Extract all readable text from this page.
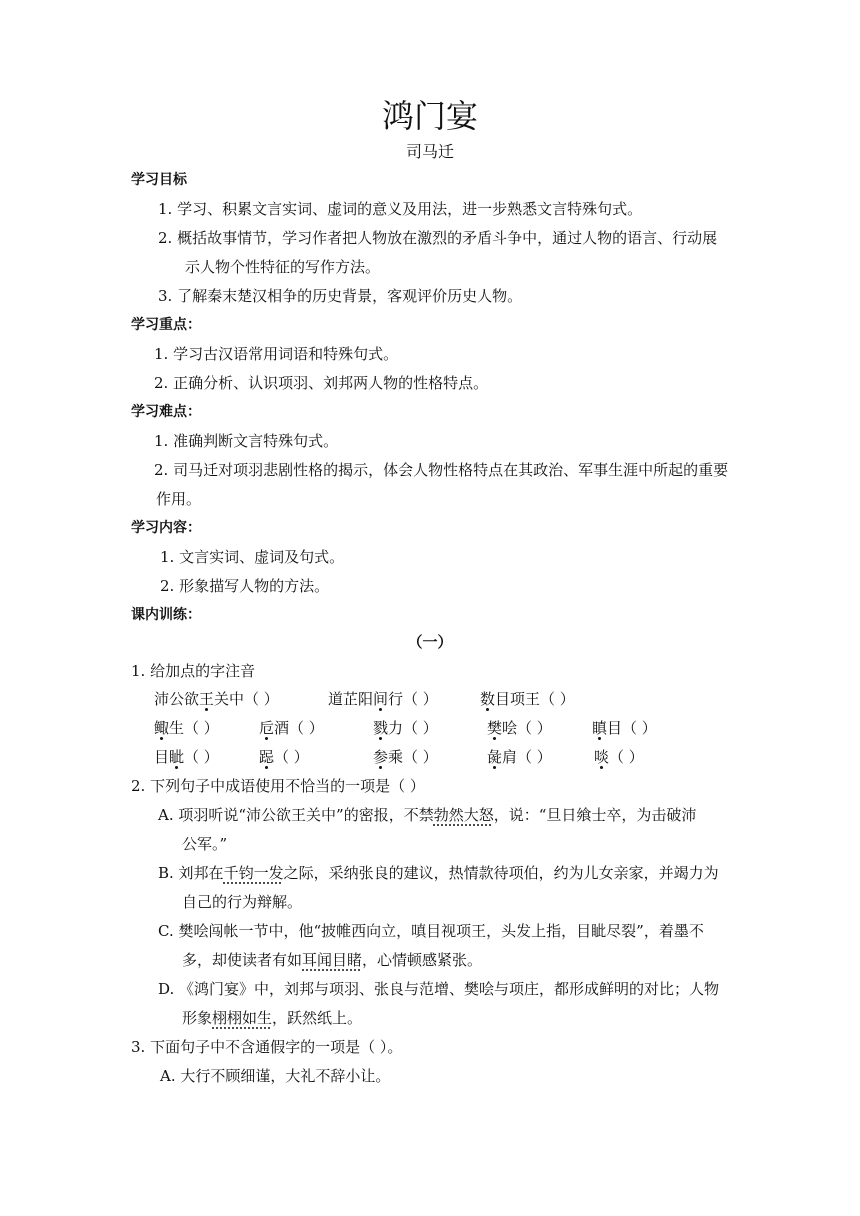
鸿门宴
司马迁
学习目标
1. 学习、积累文言实词、虚词的意义及用法，进一步熟悉文言特殊句式。
2. 概括故事情节，学习作者把人物放在激烈的矛盾斗争中，通过人物的语言、行动展
示人物个性特征的写作方法。
3. 了解秦末楚汉相争的历史背景，客观评价历史人物。
学习重点：
1. 学习古汉语常用词语和特殊句式。
2. 正确分析、认识项羽、刘邦两人物的性格特点。
学习难点：
1. 准确判断文言特殊句式。
2. 司马迁对项羽悲剧性格的揭示，体会人物性格特点在其政治、军事生涯中所起的重要
作用。
学习内容：
1. 文言实词、虚词及句式。
2. 形象描写人物的方法。
课内训练：
（一）
1. 给加点的字注音
沛公欲王关中（ ）	道芷阳间行（ ）	数目项王（ ）
鲰生（ ）	卮酒（ ）	戮力（ ）	樊哙（ ）	瞋目（ ）
目眦（ ）	跽（ ）	参乘（ ）	彘肩（ ）	啖（ ）
2. 下列句子中成语使用不恰当的一项是（ ）
A. 项羽听说“沛公欲王关中”的密报，不禁勃然大怒，说：“旦日飨士卒，为击破沛
公军。”
B. 刘邦在千钧一发之际，采纳张良的建议，热情款待项伯，约为儿女亲家，并竭力为
自己的行为辩解。
C. 樊哙闯帐一节中，他“披帷西向立，嗔目视项王，头发上指，目眦尽裂”，着墨不
多，却使读者有如耳闻目睹，心情顿感紧张。
D. 《鸿门宴》中，刘邦与项羽、张良与范增、樊哙与项庄，都形成鲜明的对比；人物
形象栩栩如生，跃然纸上。
3. 下面句子中不含通假字的一项是（ ）。
A. 大行不顾细谨，大礼不辞小让。
